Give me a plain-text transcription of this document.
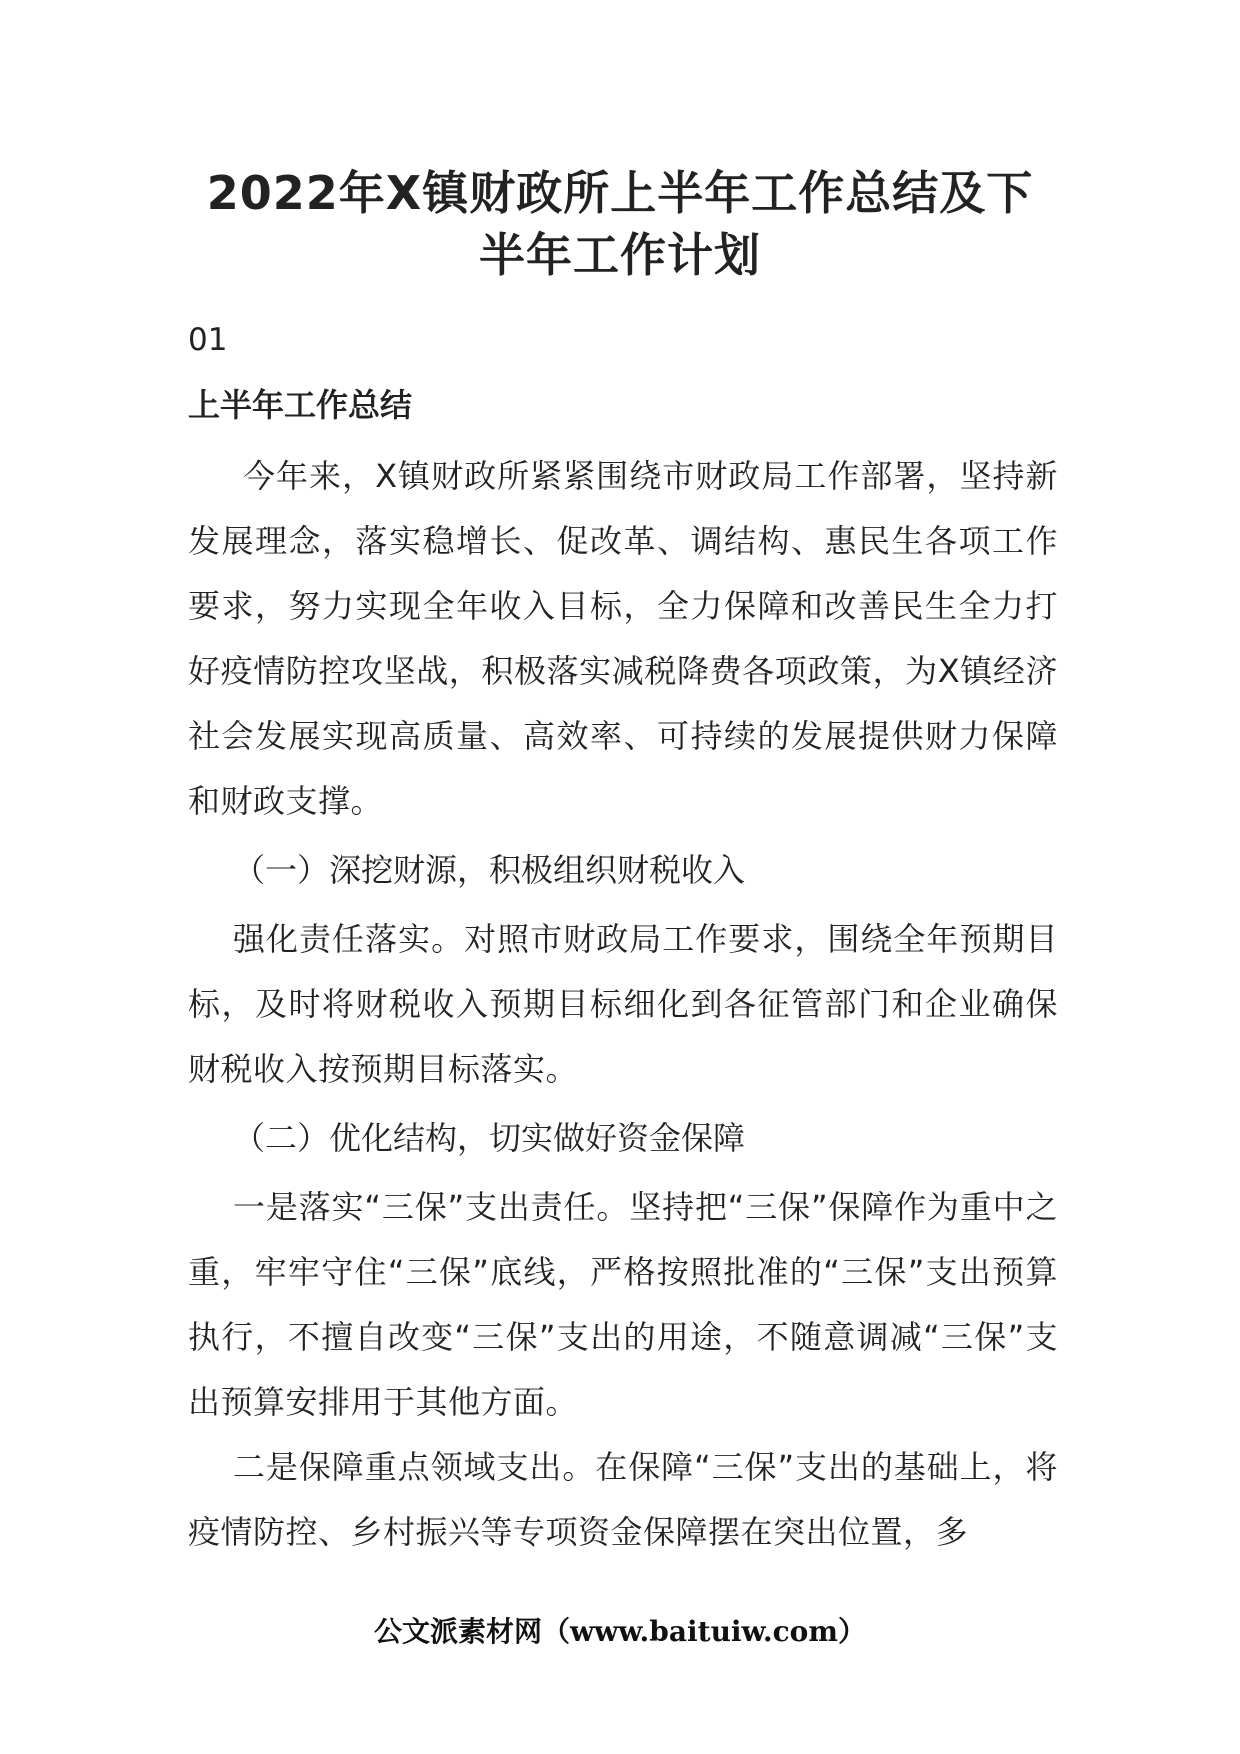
2022年X镇财政所上半年工作总结及下
半年工作计划

01

上半年工作总结

今年来，X镇财政所紧紧围绕市财政局工作部署，坚持新发展理念，落实稳增长、促改革、调结构、惠民生各项工作要求，努力实现全年收入目标，全力保障和改善民生全力打好疫情防控攻坚战，积极落实减税降费各项政策，为X镇经济社会发展实现高质量、高效率、可持续的发展提供财力保障和财政支撑。

（一）深挖财源，积极组织财税收入

强化责任落实。对照市财政局工作要求，围绕全年预期目标，及时将财税收入预期目标细化到各征管部门和企业确保财税收入按预期目标落实。

（二）优化结构，切实做好资金保障

一是落实“三保”支出责任。坚持把“三保”保障作为重中之重，牢牢守住“三保”底线，严格按照批准的“三保”支出预算执行，不擅自改变“三保”支出的用途，不随意调减“三保”支出预算安排用于其他方面。

二是保障重点领域支出。在保障“三保”支出的基础上，将疫情防控、乡村振兴等专项资金保障摆在突出位置，多

公文派素材网（www.baituiw.com）
